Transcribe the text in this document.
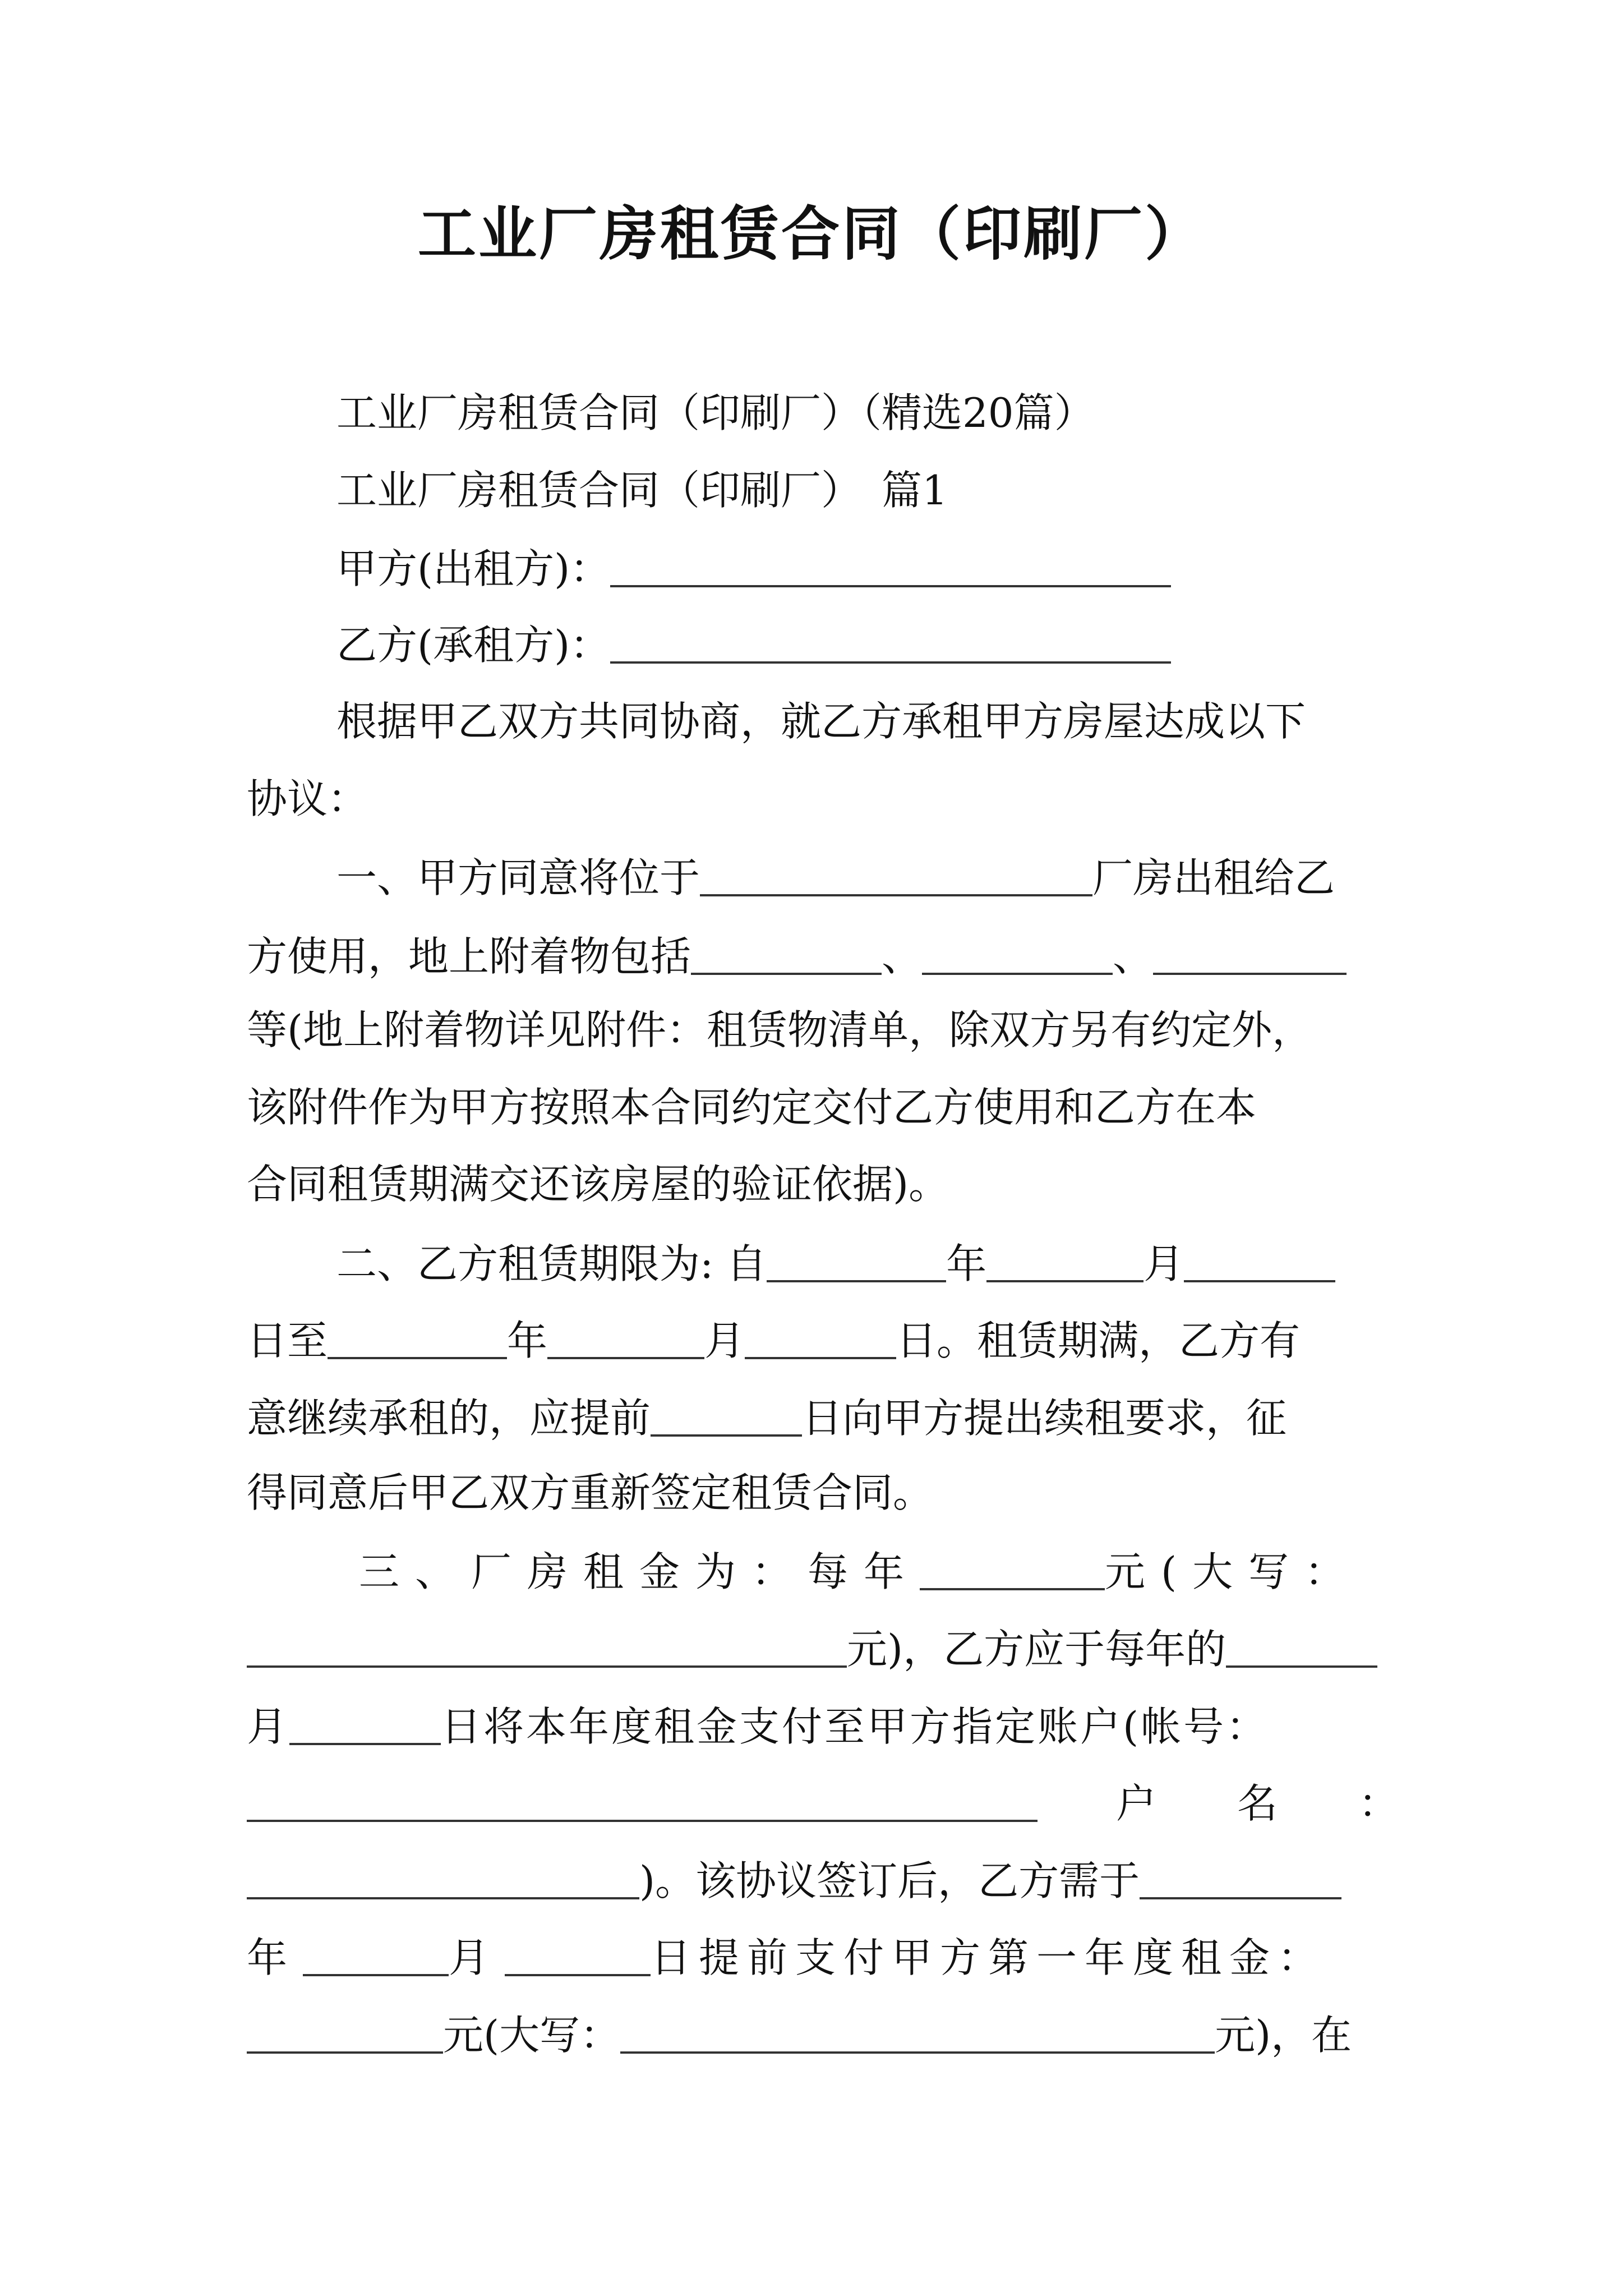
工业厂房租赁合同（印刷厂）
工业厂房租赁合同（印刷厂）（精选20篇）
工业厂房租赁合同（印刷厂）　篇1
甲方(出租方)：
乙方(承租方)：
根据甲乙双方共同协商，就乙方承租甲方房屋达成以下
协议：
一、甲方同意将位于	厂房出租给乙
方使用，地上附着物包括	、	、
等(地上附着物详见附件：租赁物清单，除双方另有约定外，
该附件作为甲方按照本合同约定交付乙方使用和乙方在本
合同租赁期满交还该房屋的验证依据)。
二、乙方租赁期限为: 自	年	月
日至	年	月	日。租赁期满，乙方有
意继续承租的，应提前	日向甲方提出续租要求，征
得同意后甲乙双方重新签定租赁合同。
三、厂房租金为：每年	元(大写：
元)，乙方应于每年的
月	日将本年度租金支付至甲方指定账户(帐号：
户　　名　　：
)。该协议签订后，乙方需于
年	月	日提前支付甲方第一年度租金：
元(大写：	元)，在
